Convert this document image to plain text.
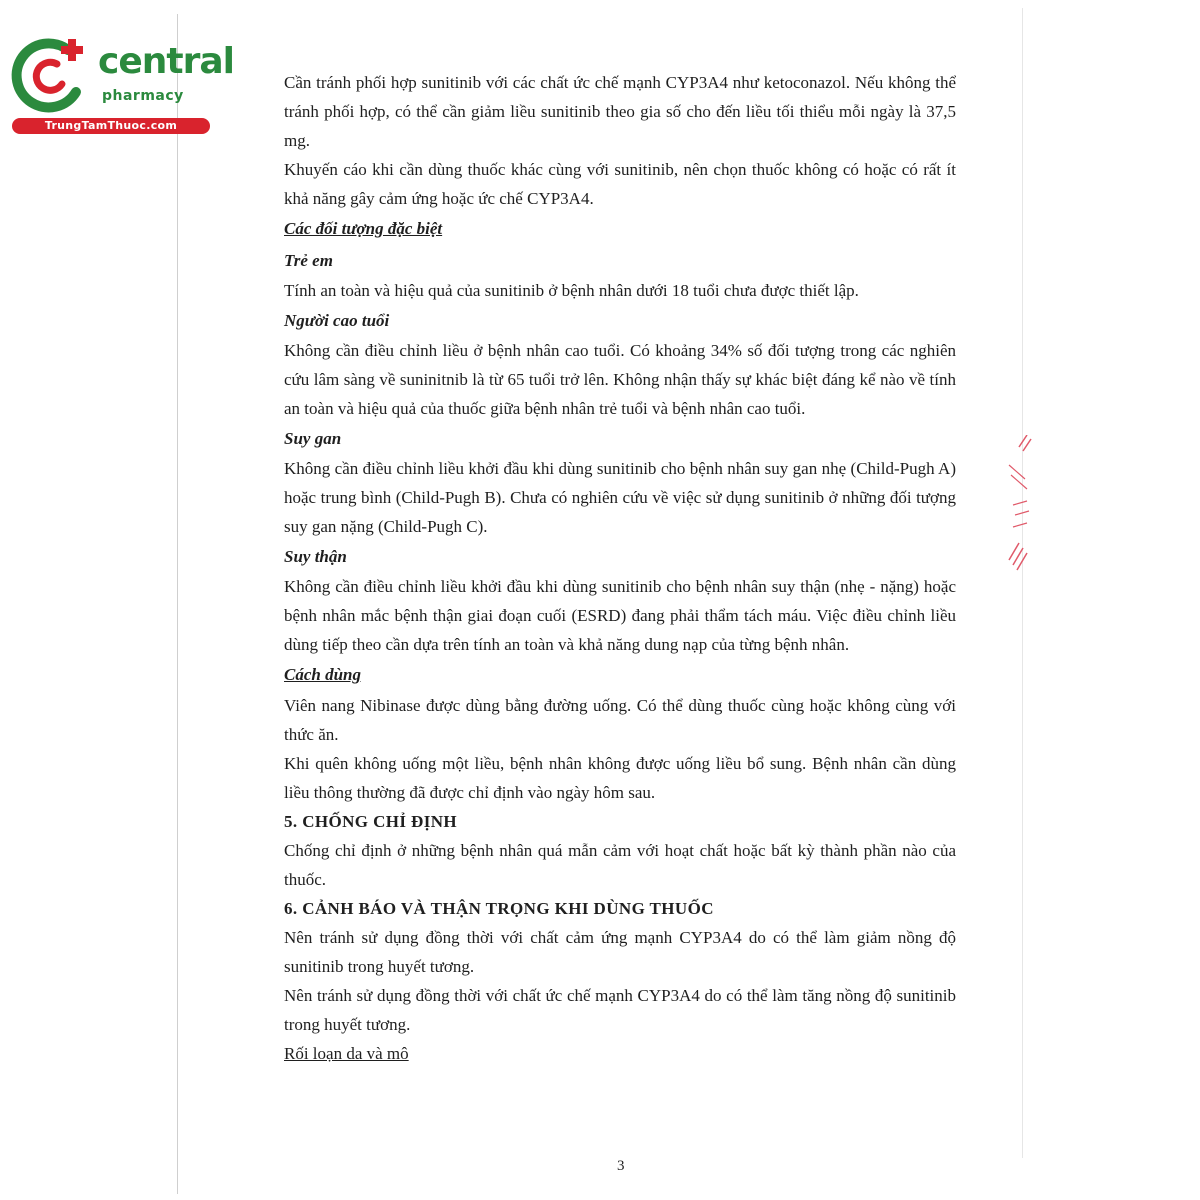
central
pharmacy
TrungTamThuoc.com

Cần tránh phối hợp sunitinib với các chất ức chế mạnh CYP3A4 như ketoconazol. Nếu không thể tránh phối hợp, có thể cần giảm liều sunitinib theo gia số cho đến liều tối thiểu mỗi ngày là 37,5 mg.

Khuyến cáo khi cần dùng thuốc khác cùng với sunitinib, nên chọn thuốc không có hoặc có rất ít khả năng gây cảm ứng hoặc ức chế CYP3A4.

Các đối tượng đặc biệt
Trẻ em

Tính an toàn và hiệu quả của sunitinib ở bệnh nhân dưới 18 tuổi chưa được thiết lập.

Người cao tuổi

Không cần điều chỉnh liều ở bệnh nhân cao tuổi. Có khoảng 34% số đối tượng trong các nghiên cứu lâm sàng về suninitnib là từ 65 tuổi trở lên. Không nhận thấy sự khác biệt đáng kể nào về tính an toàn và hiệu quả của thuốc giữa bệnh nhân trẻ tuổi và bệnh nhân cao tuổi.

Suy gan

Không cần điều chỉnh liều khởi đầu khi dùng sunitinib cho bệnh nhân suy gan nhẹ (Child-Pugh A) hoặc trung bình (Child-Pugh B). Chưa có nghiên cứu về việc sử dụng sunitinib ở những đối tượng suy gan nặng (Child-Pugh C).

Suy thận

Không cần điều chỉnh liều khởi đầu khi dùng sunitinib cho bệnh nhân suy thận (nhẹ - nặng) hoặc bệnh nhân mắc bệnh thận giai đoạn cuối (ESRD) đang phải thẩm tách máu. Việc điều chỉnh liều dùng tiếp theo cần dựa trên tính an toàn và khả năng dung nạp của từng bệnh nhân.

Cách dùng

Viên nang Nibinase được dùng bằng đường uống. Có thể dùng thuốc cùng hoặc không cùng với thức ăn.

Khi quên không uống một liều, bệnh nhân không được uống liều bổ sung. Bệnh nhân cần dùng liều thông thường đã được chỉ định vào ngày hôm sau.

5. CHỐNG CHỈ ĐỊNH

Chống chỉ định ở những bệnh nhân quá mẫn cảm với hoạt chất hoặc bất kỳ thành phần nào của thuốc.

6. CẢNH BÁO VÀ THẬN TRỌNG KHI DÙNG THUỐC

Nên tránh sử dụng đồng thời với chất cảm ứng mạnh CYP3A4 do có thể làm giảm nồng độ sunitinib trong huyết tương.

Nên tránh sử dụng đồng thời với chất ức chế mạnh CYP3A4 do có thể làm tăng nồng độ sunitinib trong huyết tương.

Rối loạn da và mô

3
